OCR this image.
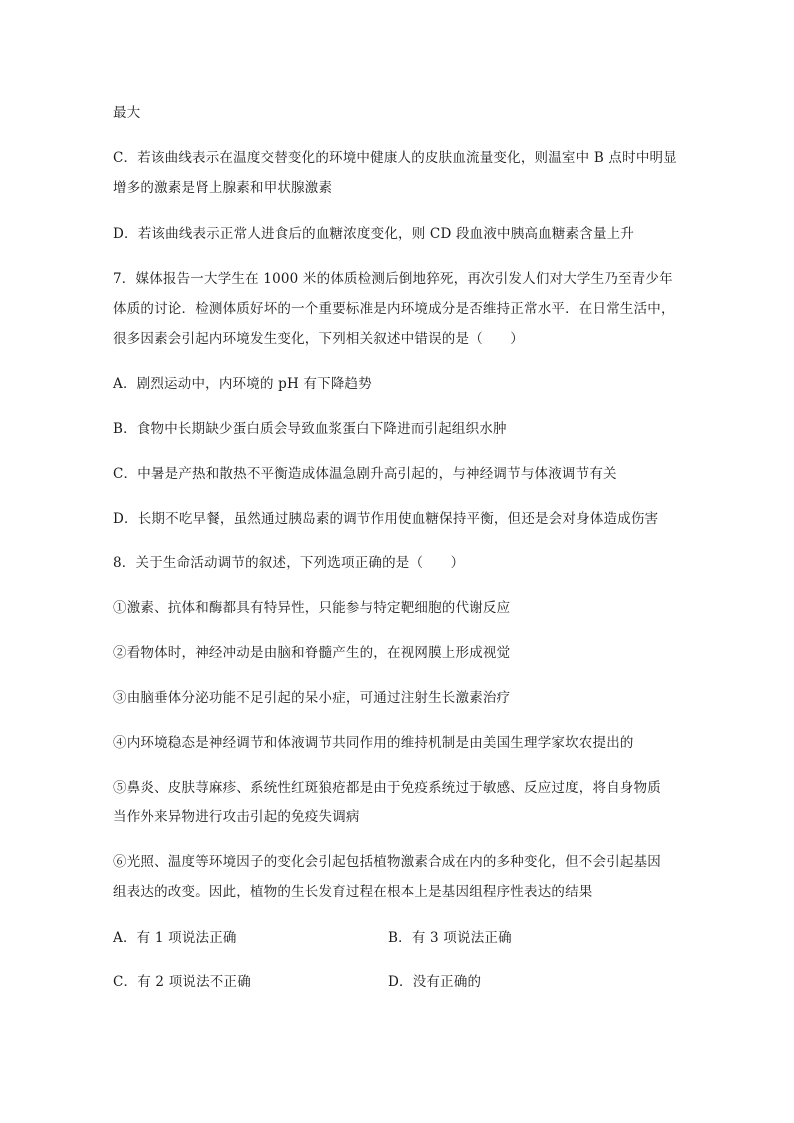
最大
C．若该曲线表示在温度交替变化的环境中健康人的皮肤血流量变化，则温室中 B 点时中明显
增多的激素是肾上腺素和甲状腺激素
D．若该曲线表示正常人进食后的血糖浓度变化，则 CD 段血液中胰高血糖素含量上升
7．媒体报告一大学生在 1000 米的体质检测后倒地猝死，再次引发人们对大学生乃至青少年
体质的讨论．检测体质好坏的一个重要标准是内环境成分是否维持正常水平．在日常生活中，
很多因素会引起内环境发生变化，下列相关叙述中错误的是（　　）
A．剧烈运动中，内环境的 pH 有下降趋势
B．食物中长期缺少蛋白质会导致血浆蛋白下降进而引起组织水肿
C．中暑是产热和散热不平衡造成体温急剧升高引起的，与神经调节与体液调节有关
D．长期不吃早餐，虽然通过胰岛素的调节作用使血糖保持平衡，但还是会对身体造成伤害
8．关于生命活动调节的叙述，下列选项正确的是（　　）
①激素、抗体和酶都具有特异性，只能参与特定靶细胞的代谢反应
②看物体时，神经冲动是由脑和脊髓产生的，在视网膜上形成视觉
③由脑垂体分泌功能不足引起的呆小症，可通过注射生长激素治疗
④内环境稳态是神经调节和体液调节共同作用的维持机制是由美国生理学家坎农提出的
⑤鼻炎、皮肤荨麻疹、系统性红斑狼疮都是由于免疫系统过于敏感、反应过度，将自身物质
当作外来异物进行攻击引起的免疫失调病
⑥光照、温度等环境因子的变化会引起包括植物激素合成在内的多种变化，但不会引起基因
组表达的改变。因此，植物的生长发育过程在根本上是基因组程序性表达的结果
A．有 1 项说法正确	B．有 3 项说法正确
C．有 2 项说法不正确	D．没有正确的
